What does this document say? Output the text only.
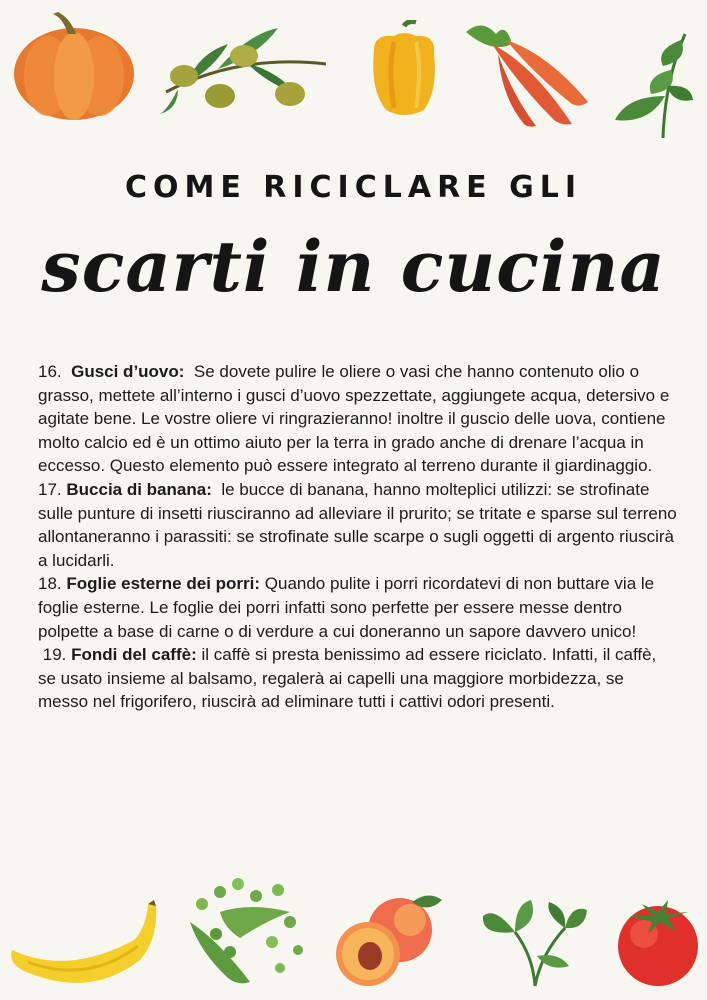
COME RICICLARE GLI
scarti in cucina

16. Gusci d’uovo: Se dovete pulire le oliere o vasi che hanno contenuto olio o grasso, mettete all’interno i gusci d’uovo spezzettate, aggiungete acqua, detersivo e agitate bene. Le vostre oliere vi ringrazieranno! inoltre il guscio delle uova, contiene molto calcio ed è un ottimo aiuto per la terra in grado anche di drenare l’acqua in eccesso. Questo elemento può essere integrato al terreno durante il giardinaggio.

17. Buccia di banana: le bucce di banana, hanno molteplici utilizzi: se strofinate sulle punture di insetti riusciranno ad alleviare il prurito; se tritate e sparse sul terreno allontaneranno i parassiti: se strofinate sulle scarpe o sugli oggetti di argento riuscirà a lucidarli.

18. Foglie esterne dei porri: Quando pulite i porri ricordatevi di non buttare via le foglie esterne. Le foglie dei porri infatti sono perfette per essere messe dentro polpette a base di carne o di verdure a cui doneranno un sapore davvero unico!

19. Fondi del caffè: il caffè si presta benissimo ad essere riciclato. Infatti, il caffè, se usato insieme al balsamo, regalerà ai capelli una maggiore morbidezza, se messo nel frigorifero, riuscirà ad eliminare tutti i cattivi odori presenti.
